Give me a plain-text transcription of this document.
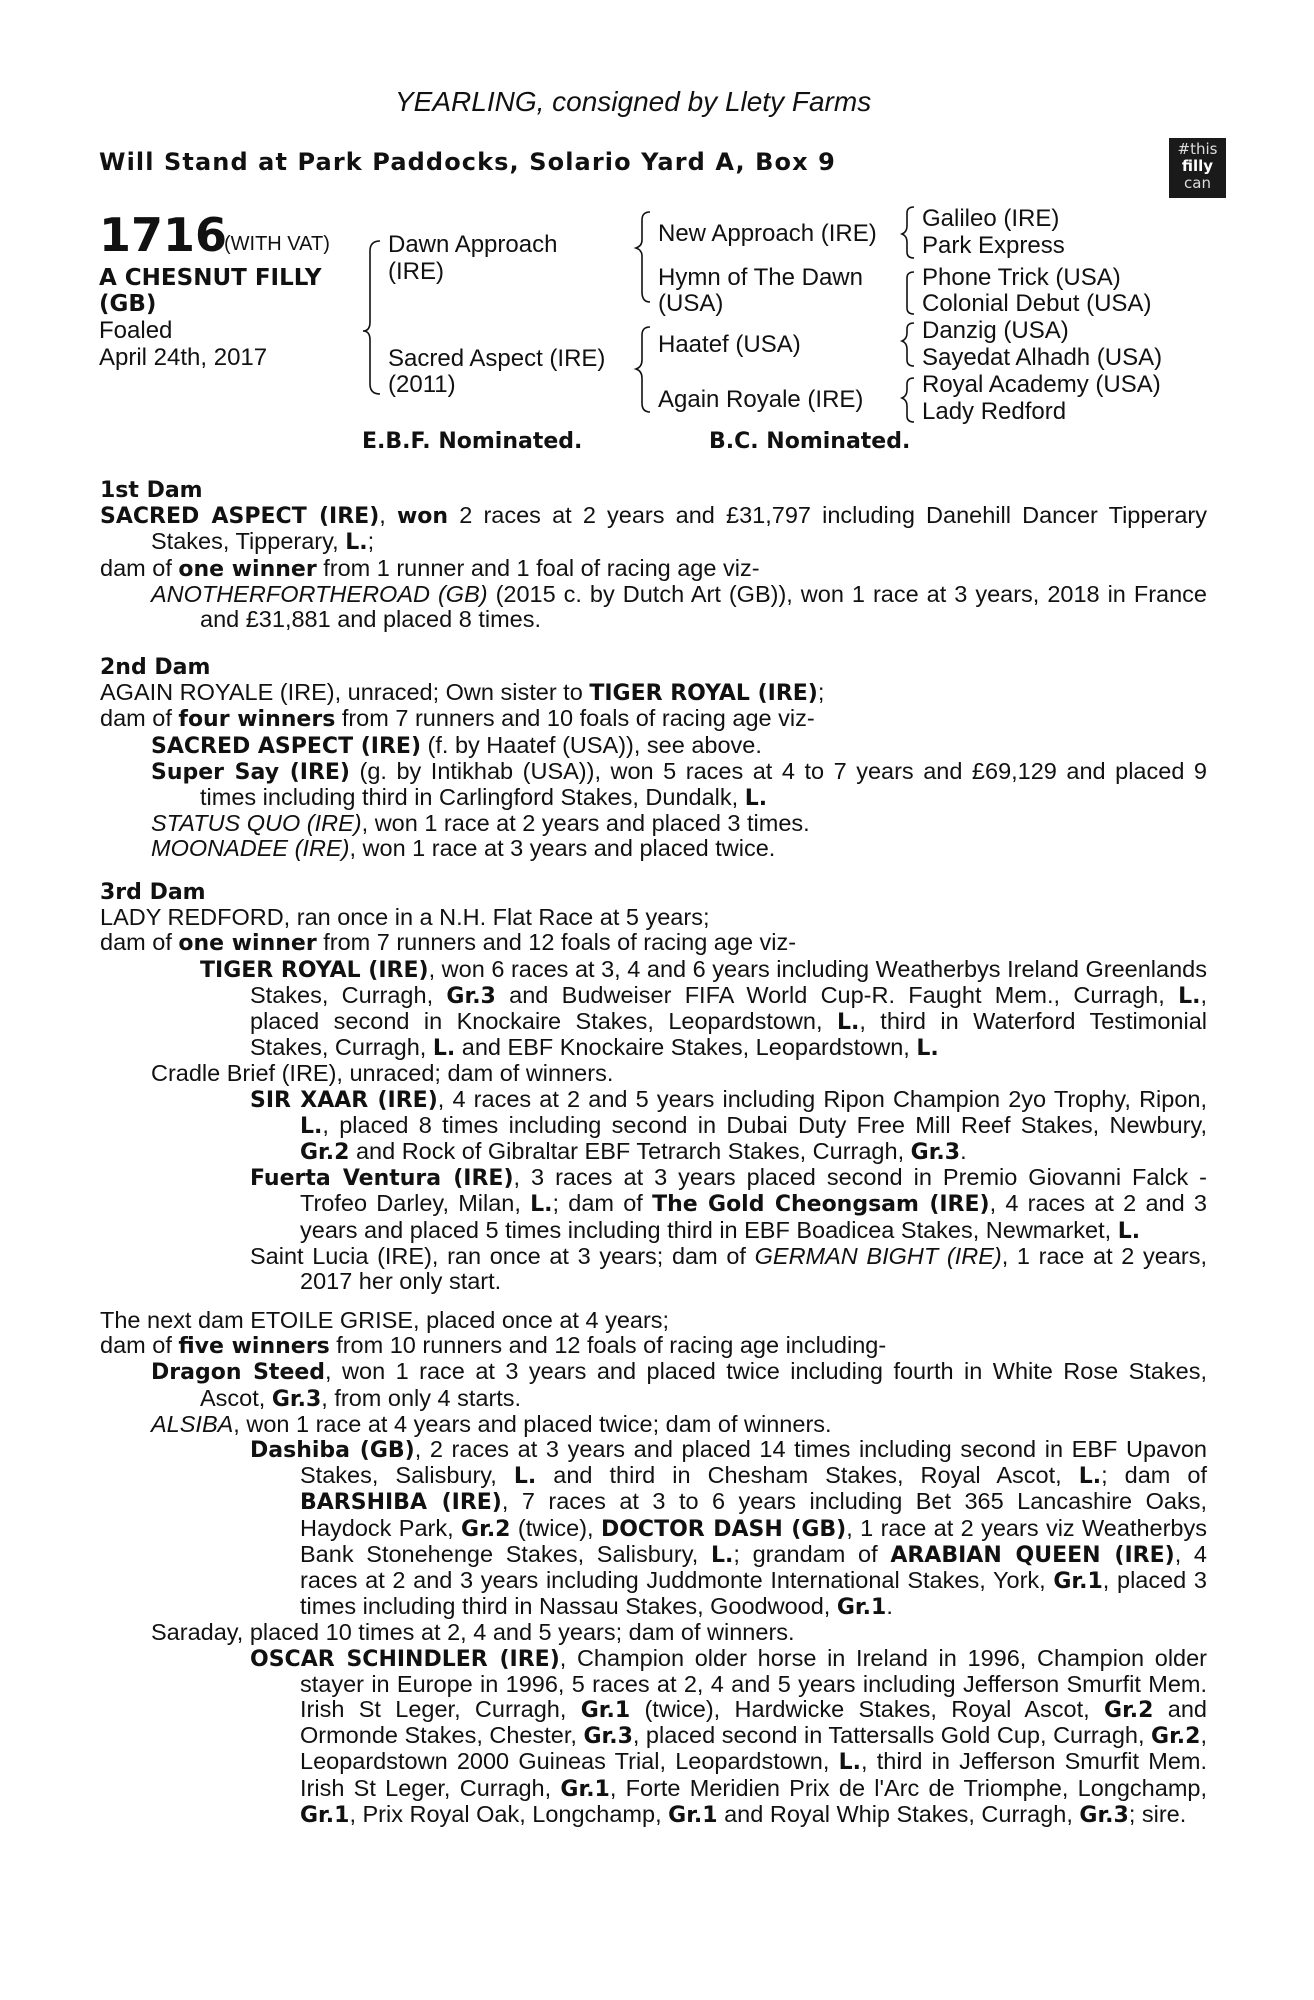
YEARLING, consigned by Llety Farms
Will Stand at Park Paddocks, Solario Yard A, Box 9	#this
filly
can
1716
(WITH VAT)
A CHESNUT FILLY
(GB)
Foaled
April 24th, 2017
Dawn Approach
(IRE)
Sacred Aspect (IRE)
(2011)
New Approach (IRE)
Hymn of The Dawn
(USA)
Haatef (USA)
Again Royale (IRE)
Galileo (IRE)
Park Express
Phone Trick (USA)
Colonial Debut (USA)
Danzig (USA)
Sayedat Alhadh (USA)
Royal Academy (USA)
Lady Redford
E.B.F. Nominated.	B.C. Nominated.

1st Dam

SACRED ASPECT (IRE), won 2 races at 2 years and £31,797 including Danehill Dancer Tipperary Stakes, Tipperary, L.;

dam of one winner from 1 runner and 1 foal of racing age viz-

ANOTHERFORTHEROAD (GB) (2015 c. by Dutch Art (GB)), won 1 race at 3 years, 2018 in France and £31,881 and placed 8 times.

2nd Dam

AGAIN ROYALE (IRE), unraced; Own sister to TIGER ROYAL (IRE);

dam of four winners from 7 runners and 10 foals of racing age viz-

SACRED ASPECT (IRE) (f. by Haatef (USA)), see above.

Super Say (IRE) (g. by Intikhab (USA)), won 5 races at 4 to 7 years and £69,129 and placed 9 times including third in Carlingford Stakes, Dundalk, L.

STATUS QUO (IRE), won 1 race at 2 years and placed 3 times.

MOONADEE (IRE), won 1 race at 3 years and placed twice.

3rd Dam

LADY REDFORD, ran once in a N.H. Flat Race at 5 years;

dam of one winner from 7 runners and 12 foals of racing age viz-

TIGER ROYAL (IRE), won 6 races at 3, 4 and 6 years including Weatherbys Ireland Greenlands Stakes, Curragh, Gr.3 and Budweiser FIFA World Cup-R. Faught Mem., Curragh, L., placed second in Knockaire Stakes, Leopardstown, L., third in Waterford Testimonial Stakes, Curragh, L. and EBF Knockaire Stakes, Leopardstown, L.

Cradle Brief (IRE), unraced; dam of winners.

SIR XAAR (IRE), 4 races at 2 and 5 years including Ripon Champion 2yo Trophy, Ripon, L., placed 8 times including second in Dubai Duty Free Mill Reef Stakes, Newbury, Gr.2 and Rock of Gibraltar EBF Tetrarch Stakes, Curragh, Gr.3.

Fuerta Ventura (IRE), 3 races at 3 years placed second in Premio Giovanni Falck - Trofeo Darley, Milan, L.; dam of The Gold Cheongsam (IRE), 4 races at 2 and 3 years and placed 5 times including third in EBF Boadicea Stakes, Newmarket, L.

Saint Lucia (IRE), ran once at 3 years; dam of GERMAN BIGHT (IRE), 1 race at 2 years, 2017 her only start.

The next dam ETOILE GRISE, placed once at 4 years;

dam of five winners from 10 runners and 12 foals of racing age including-

Dragon Steed, won 1 race at 3 years and placed twice including fourth in White Rose Stakes, Ascot, Gr.3, from only 4 starts.

ALSIBA, won 1 race at 4 years and placed twice; dam of winners.

Dashiba (GB), 2 races at 3 years and placed 14 times including second in EBF Upavon Stakes, Salisbury, L. and third in Chesham Stakes, Royal Ascot, L.; dam of BARSHIBA (IRE), 7 races at 3 to 6 years including Bet 365 Lancashire Oaks, Haydock Park, Gr.2 (twice), DOCTOR DASH (GB), 1 race at 2 years viz Weatherbys Bank Stonehenge Stakes, Salisbury, L.; grandam of ARABIAN QUEEN (IRE), 4 races at 2 and 3 years including Juddmonte International Stakes, York, Gr.1, placed 3 times including third in Nassau Stakes, Goodwood, Gr.1.

Saraday, placed 10 times at 2, 4 and 5 years; dam of winners.

OSCAR SCHINDLER (IRE), Champion older horse in Ireland in 1996, Champion older stayer in Europe in 1996, 5 races at 2, 4 and 5 years including Jefferson Smurfit Mem. Irish St Leger, Curragh, Gr.1 (twice), Hardwicke Stakes, Royal Ascot, Gr.2 and Ormonde Stakes, Chester, Gr.3, placed second in Tattersalls Gold Cup, Curragh, Gr.2, Leopardstown 2000 Guineas Trial, Leopardstown, L., third in Jefferson Smurfit Mem. Irish St Leger, Curragh, Gr.1, Forte Meridien Prix de l'Arc de Triomphe, Longchamp, Gr.1, Prix Royal Oak, Longchamp, Gr.1 and Royal Whip Stakes, Curragh, Gr.3; sire.
